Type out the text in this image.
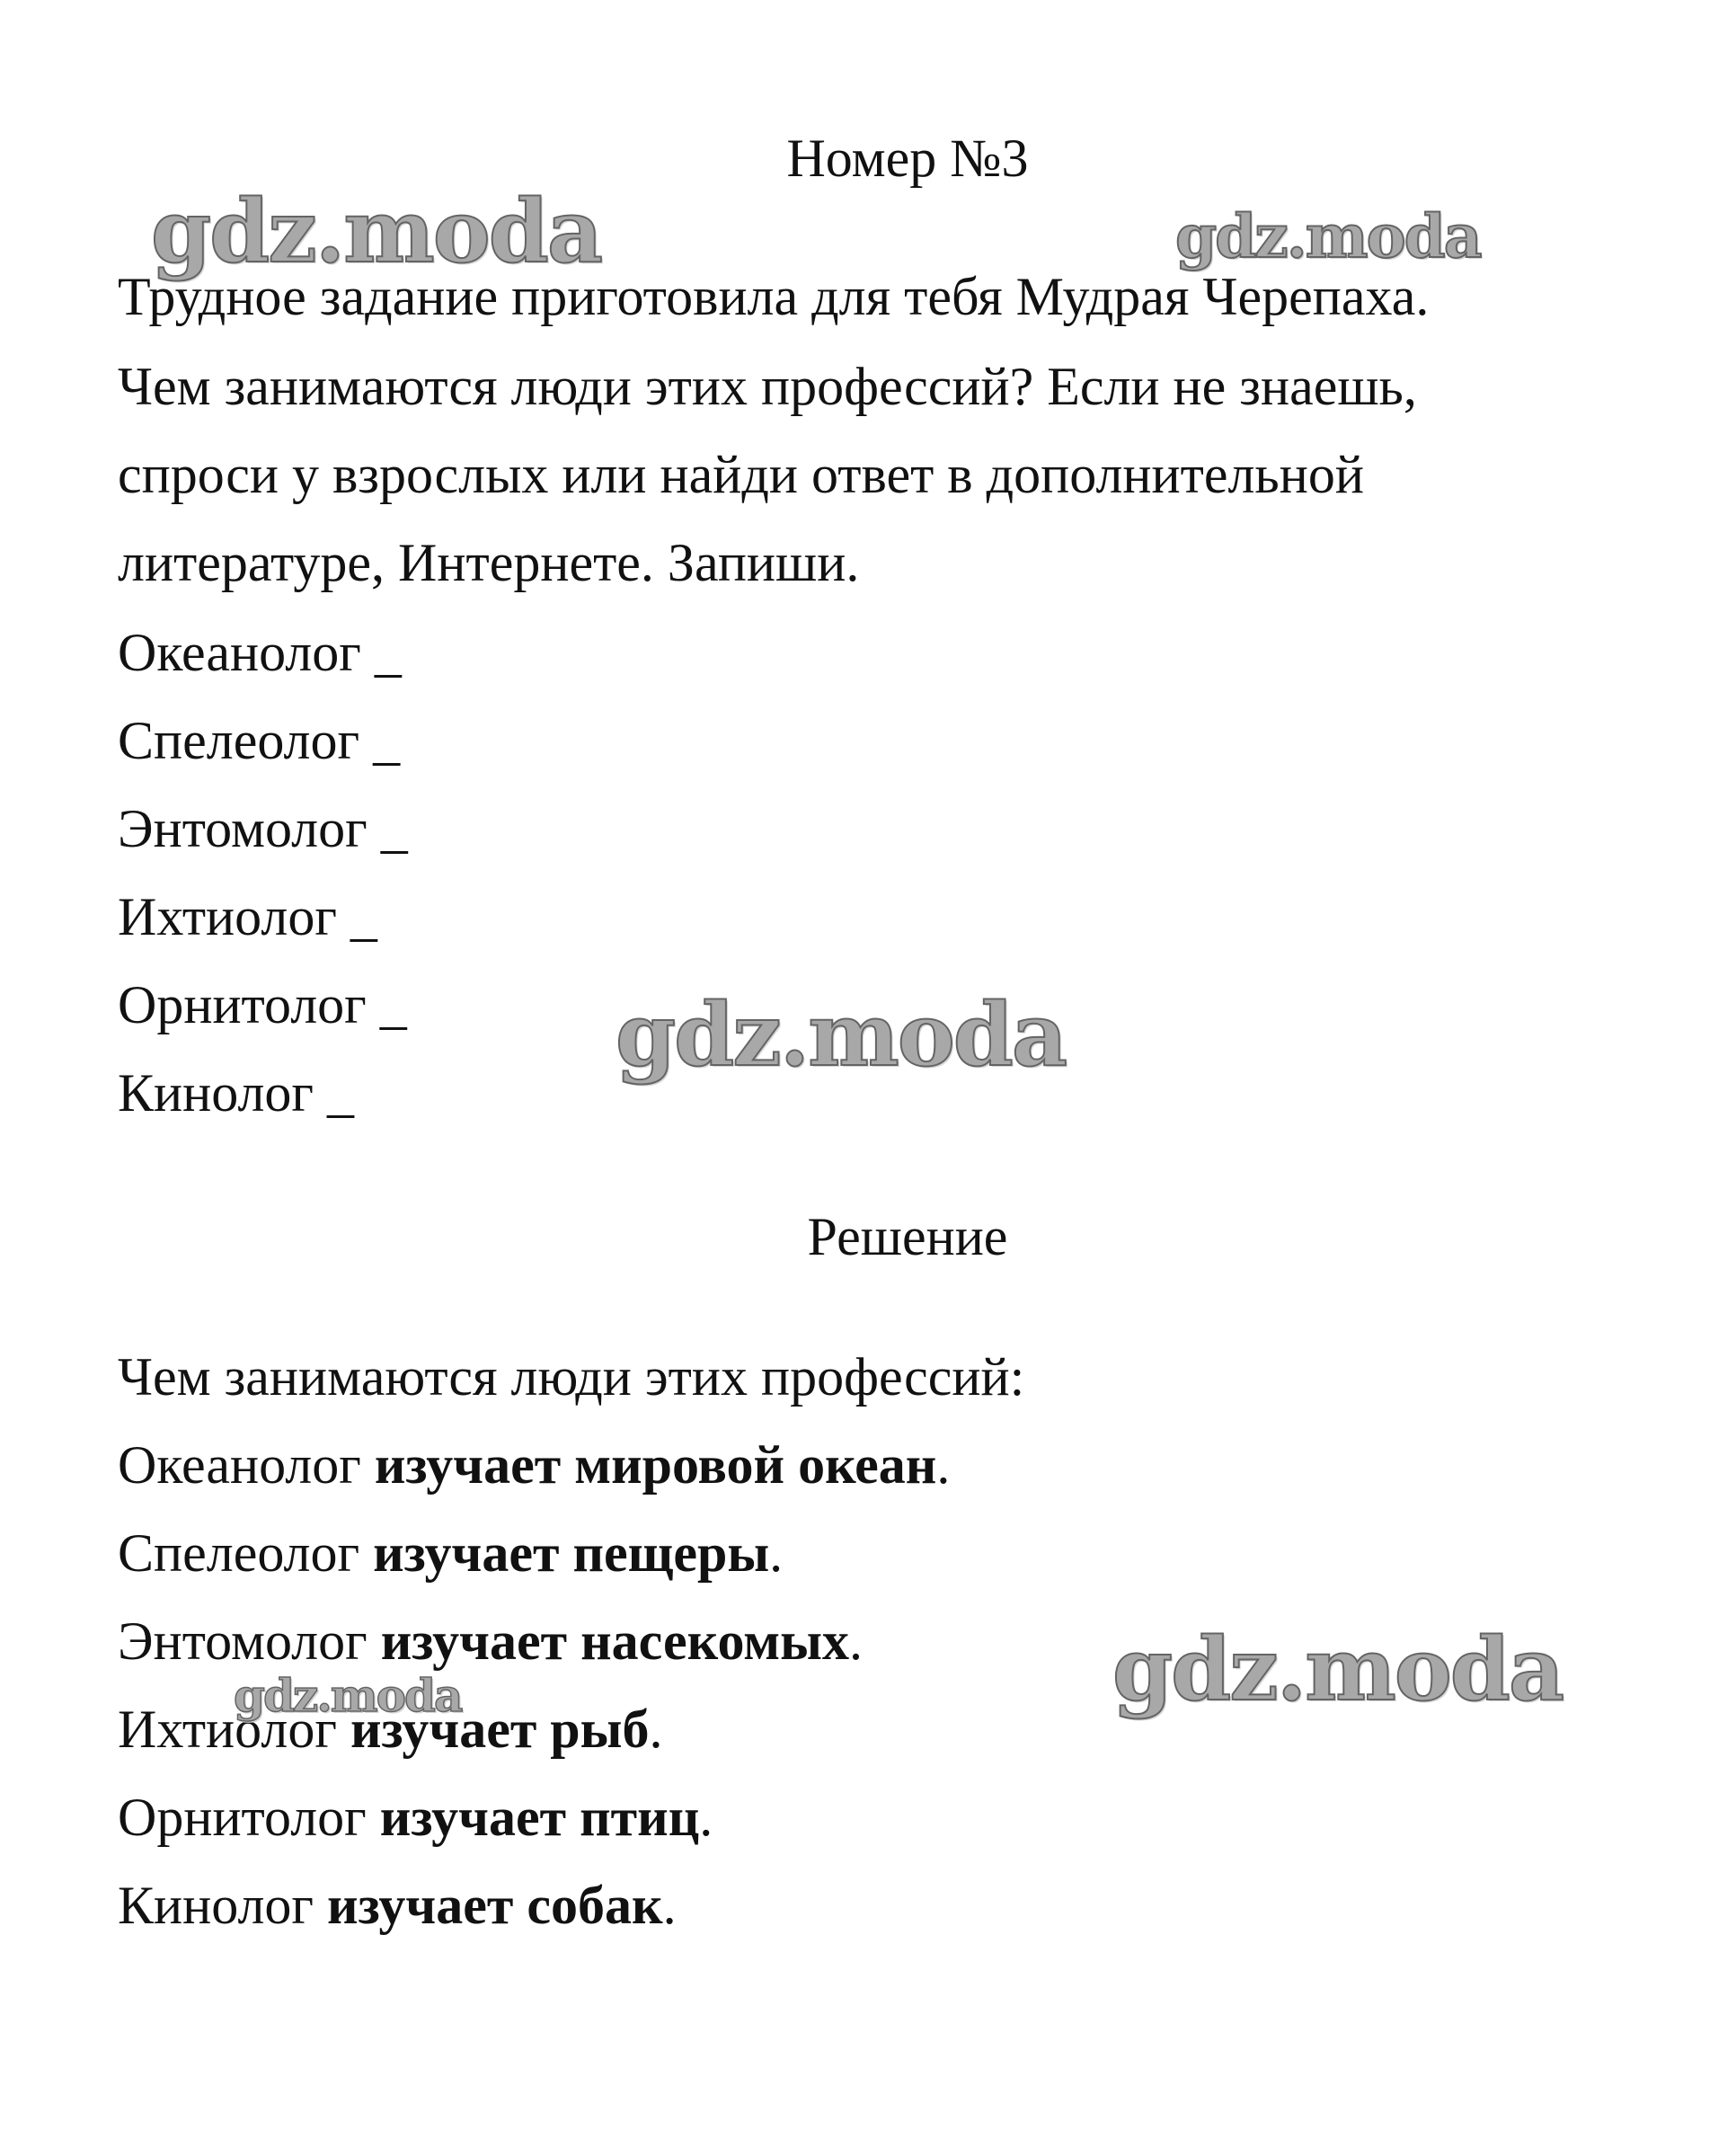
Номер №3
Трудное задание приготовила для тебя Мудрая Черепаха.
Чем занимаются люди этих профессий? Если не знаешь,
спроси у взрослых или найди ответ в дополнительной
литературе, Интернете. Запиши.
Океанолог _
Спелеолог _
Энтомолог _
Ихтиолог _
Орнитолог _
Кинолог _
Решение
Чем занимаются люди этих профессий:
Океанолог изучает мировой океан.
Спелеолог изучает пещеры.
Энтомолог изучает насекомых.
Ихтиолог изучает рыб.
Орнитолог изучает птиц.
Кинолог изучает собак.
gdz.moda	gdz.moda
gdz.moda
gdz.moda
gdz.moda
